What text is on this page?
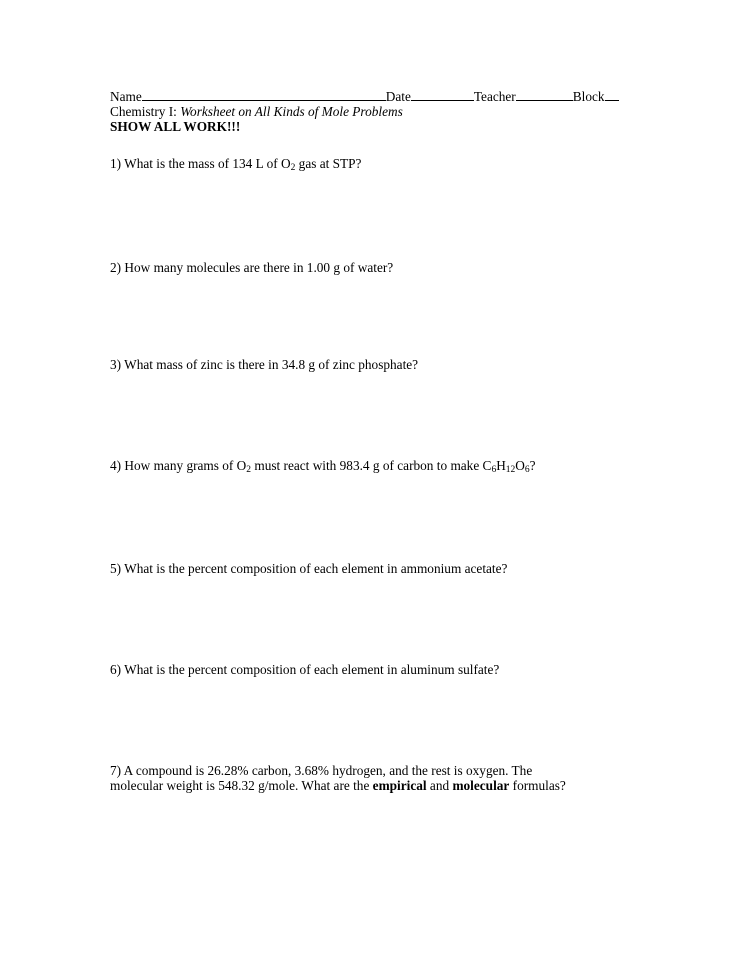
Name	Date	Teacher	Block
Chemistry I: Worksheet on All Kinds of Mole Problems
SHOW ALL WORK!!!
1) What is the mass of 134 L of $O_2$ gas at STP?
2) How many molecules are there in 1.00 g of water?
3) What mass of zinc is there in 34.8 g of zinc phosphate?
4) How many grams of $O_2$ must react with 983.4 g of carbon to make $C_6H_{12}O_6$?
5) What is the percent composition of each element in ammonium acetate?
6) What is the percent composition of each element in aluminum sulfate?
7) A compound is 26.28% carbon, 3.68% hydrogen, and the rest is oxygen. The
molecular weight is 548.32 g/mole. What are the empirical and molecular formulas?
